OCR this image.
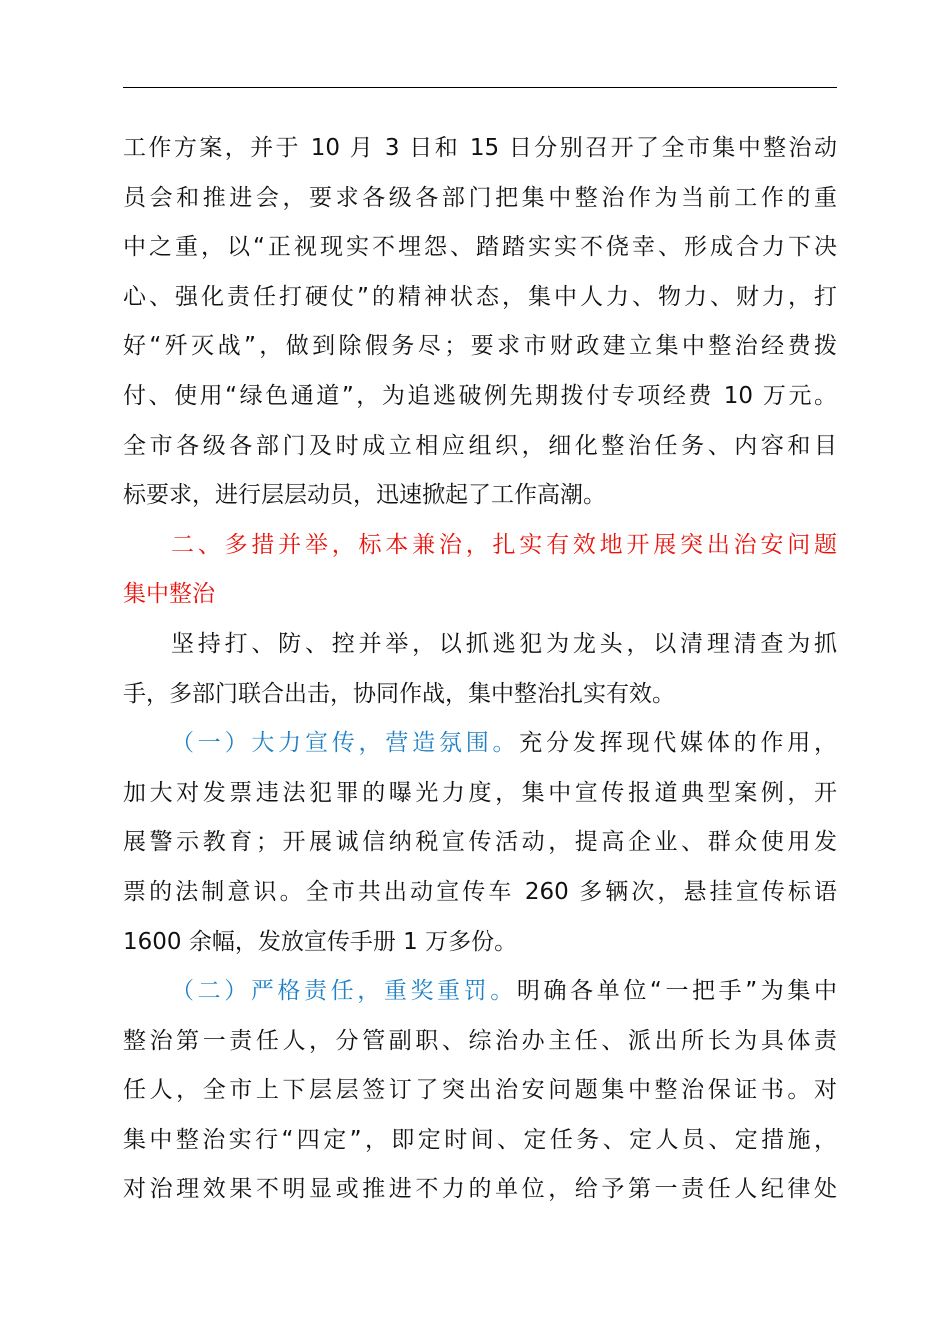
工作方案，并于 10 月 3 日和 15 日分别召开了全市集中整治动
员会和推进会，要求各级各部门把集中整治作为当前工作的重
中之重，以“正视现实不埋怨、踏踏实实不侥幸、形成合力下决
心、强化责任打硬仗”的精神状态，集中人力、物力、财力，打
好“歼灭战”，做到除假务尽；要求市财政建立集中整治经费拨
付、使用“绿色通道”，为追逃破例先期拨付专项经费 10 万元。
全市各级各部门及时成立相应组织，细化整治任务、内容和目
标要求，进行层层动员，迅速掀起了工作高潮。
二、多措并举，标本兼治，扎实有效地开展突出治安问题
集中整治
坚持打、防、控并举，以抓逃犯为龙头，以清理清查为抓
手，多部门联合出击，协同作战，集中整治扎实有效。
（一）大力宣传，营造氛围。充分发挥现代媒体的作用，
加大对发票违法犯罪的曝光力度，集中宣传报道典型案例，开
展警示教育；开展诚信纳税宣传活动，提高企业、群众使用发
票的法制意识。全市共出动宣传车 260 多辆次，悬挂宣传标语
1600 余幅，发放宣传手册 1 万多份。
（二）严格责任，重奖重罚。明确各单位“一把手”为集中
整治第一责任人，分管副职、综治办主任、派出所长为具体责
任人，全市上下层层签订了突出治安问题集中整治保证书。对
集中整治实行“四定”，即定时间、定任务、定人员、定措施，
对治理效果不明显或推进不力的单位，给予第一责任人纪律处
